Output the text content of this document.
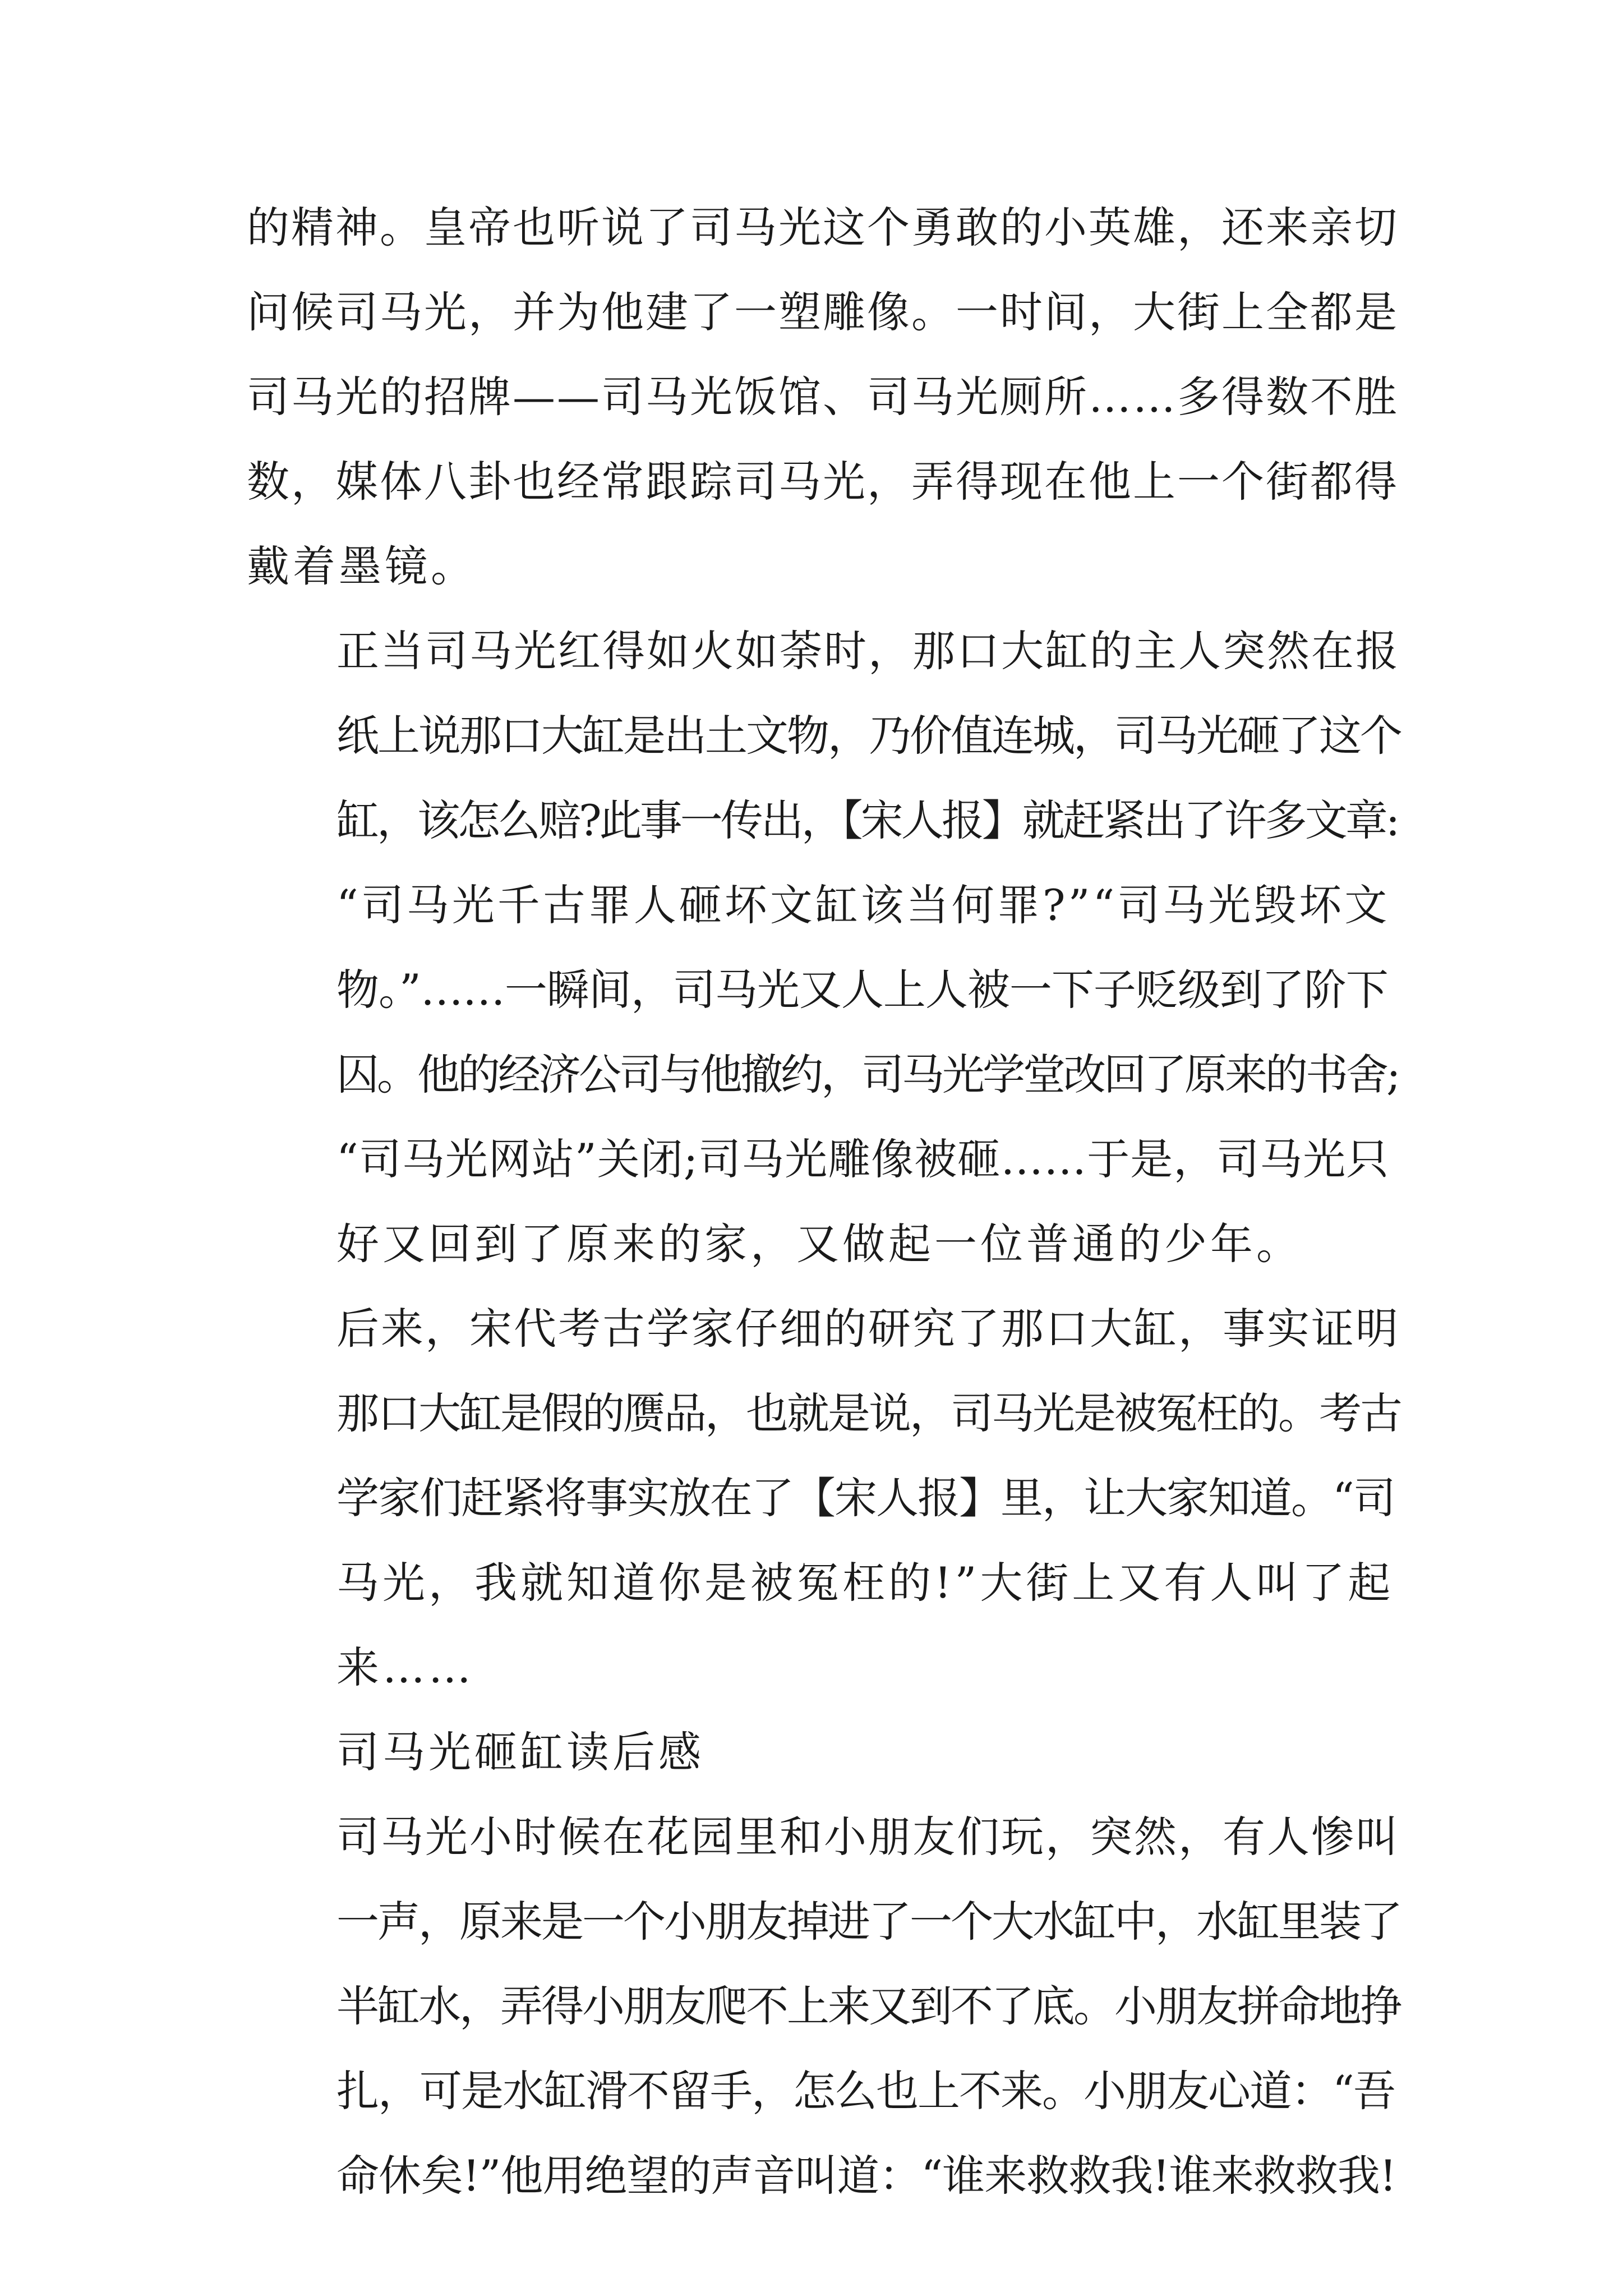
的精神。皇帝也听说了司马光这个勇敢的小英雄，还来亲切
问候司马光，并为他建了一塑雕像。一时间，大街上全都是
司马光的招牌——司马光饭馆、司马光厕所……多得数不胜
数，媒体八卦也经常跟踪司马光，弄得现在他上一个街都得
戴着墨镜。

正当司马光红得如火如荼时，那口大缸的主人突然在报
纸上说那口大缸是出土文物，乃价值连城，司马光砸了这个
缸，该怎么赔?此事一传出，【宋人报】就赶紧出了许多文章:
“司马光千古罪人砸坏文缸该当何罪?”“司马光毁坏文
物。”……一瞬间，司马光又人上人被一下子贬级到了阶下
囚。他的经济公司与他撤约，司马光学堂改回了原来的书舍;
“司马光网站”关闭;司马光雕像被砸……于是，司马光只
好又回到了原来的家，又做起一位普通的少年。

后来，宋代考古学家仔细的研究了那口大缸，事实证明
那口大缸是假的赝品，也就是说，司马光是被冤枉的。考古
学家们赶紧将事实放在了【宋人报】里，让大家知道。“司
马光，我就知道你是被冤枉的!”大街上又有人叫了起
来……

司马光砸缸读后感

司马光小时候在花园里和小朋友们玩，突然，有人惨叫
一声，原来是一个小朋友掉进了一个大水缸中，水缸里装了
半缸水，弄得小朋友爬不上来又到不了底。小朋友拼命地挣
扎，可是水缸滑不留手，怎么也上不来。小朋友心道：“吾
命休矣!”他用绝望的声音叫道：“谁来救救我!谁来救救我!
